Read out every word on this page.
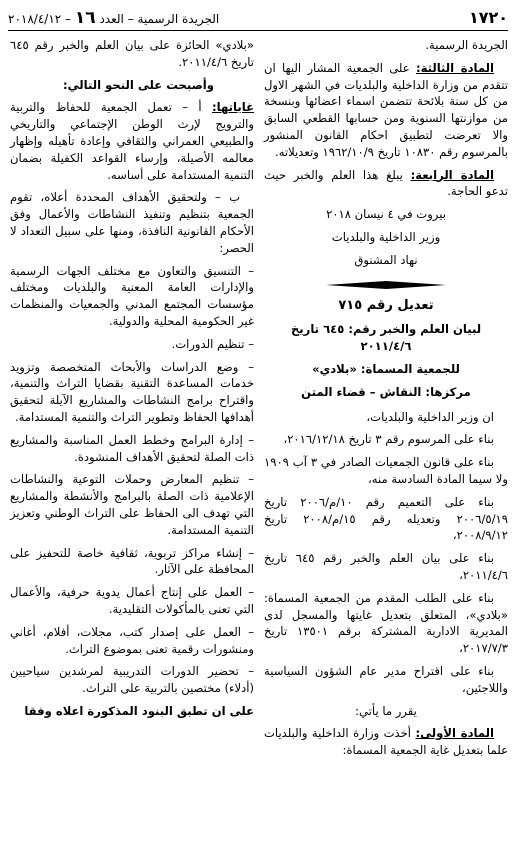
١٧٢٠
الجريدة الرسمية – العدد ١٦ – ٢٠١٨/٤/١٢

الجريدة الرسمية.

المادة الثالثة: على الجمعية المشار اليها ان تتقدم من وزارة الداخلية والبلديات في الشهر الاول من كل سنة بلائحة تتضمن اسماء اعضائها وبنسخة من موازنتها السنوية ومن حسابها القطعي السابق والا تعرضت لتطبيق احكام القانون المنشور بالمرسوم رقم ١٠٨٣٠ تاريخ ١٩٦٢/١٠/٩ وتعديلاته.

المادة الرابعة: يبلغ هذا العلم والخبر حيث تدعو الحاجة.

بيروت في ٤ نيسان ٢٠١٨

وزير الداخلية والبلديات

نهاد المشنوق

تعديل رقم ٧١٥

لبيان العلم والخبر رقم: ٦٤٥ تاريخ ٢٠١١/٤/٦

للجمعية المسماة: «بلادي»

مركزها: النقاش – قضاء المتن

ان وزير الداخلية والبلديات،

بناء على المرسوم رقم ٣ تاريخ ٢٠١٦/١٢/١٨،

بناء على قانون الجمعيات الصادر في ٣ آب ١٩٠٩ ولا سيما المادة السادسة منه،

بناء على التعميم رقم ١٠/م/٢٠٠٦ تاريخ ٢٠٠٦/٥/١٩ وتعديله رقم ١٥/م/٢٠٠٨ تاريخ ٢٠٠٨/٩/١٢،

بناء على بيان العلم والخبر رقم ٦٤٥ تاريخ ٢٠١١/٤/٦،

بناء على الطلب المقدم من الجمعية المسماة: «بلادي»، المتعلق بتعديل غايتها والمسجل لدى المديرية الادارية المشتركة برقم ١٣٥٠١ تاريخ ٢٠١٧/٧/٣،

بناء على اقتراح مدير عام الشؤون السياسية واللاجئين،

يقرر ما يأتي:

المادة الأولى: أخذت وزارة الداخلية والبلديات علما بتعديل غاية الجمعية المسماة:

«بلادي» الحائزة على بيان العلم والخبر رقم ٦٤٥ تاريخ ٢٠١١/٤/٦.

وأصبحت على النحو التالي:

غاياتها: أ – تعمل الجمعية للحفاظ والتربية والترويج لإرث الوطن الإجتماعي والتاريخي والطبيعي العمراني والثقافي وإعادة تأهيله وإظهار معالمه الأصيلة، وإرساء القواعد الكفيلة بضمان التنمية المستدامة على أساسه.

ب – ولتحقيق الأهداف المحددة أعلاه، تقوم الجمعية بتنظيم وتنفيذ النشاطات والأعمال وفق الأحكام القانونية النافذة، ومنها على سبيل التعداد لا الحصر:

– التنسيق والتعاون مع مختلف الجهات الرسمية والإدارات العامة المعنية والبلديات ومختلف مؤسسات المجتمع المدني والجمعيات والمنظمات غير الحكومية المحلية والدولية.

– تنظيم الدورات.

– وضع الدراسات والأبحاث المتخصصة وتزويد خدمات المساعدة التقنية بقضايا التراث والتنمية، واقتراح برامج النشاطات والمشاريع الآيلة لتحقيق أهدافها الحفاظ وتطوير التراث والتنمية المستدامة.

– إدارة البرامج وخطط العمل المناسبة والمشاريع ذات الصلة لتحقيق الأهداف المنشودة.

– تنظيم المعارض وحملات التوعية والنشاطات الإعلامية ذات الصلة بالبرامج والأنشطة والمشاريع التي تهدف الى الحفاظ على التراث الوطني وتعزيز التنمية المستدامة.

– إنشاء مراكز تربوية، ثقافية خاصة للتحفيز على المحافظة على الآثار.

– العمل على إنتاج أعمال يدوية حرفية، والأعمال التي تعنى بالمأكولات التقليدية.

– العمل على إصدار كتب، مجلات، أفلام، أغاني ومنشورات رقمية تعنى بموضوع التراث.

– تحضير الدورات التدريبية لمرشدين سياحيين (أدلاء) مختصين بالتربية على التراث.

على ان تطبق البنود المذكورة اعلاه وفقا
